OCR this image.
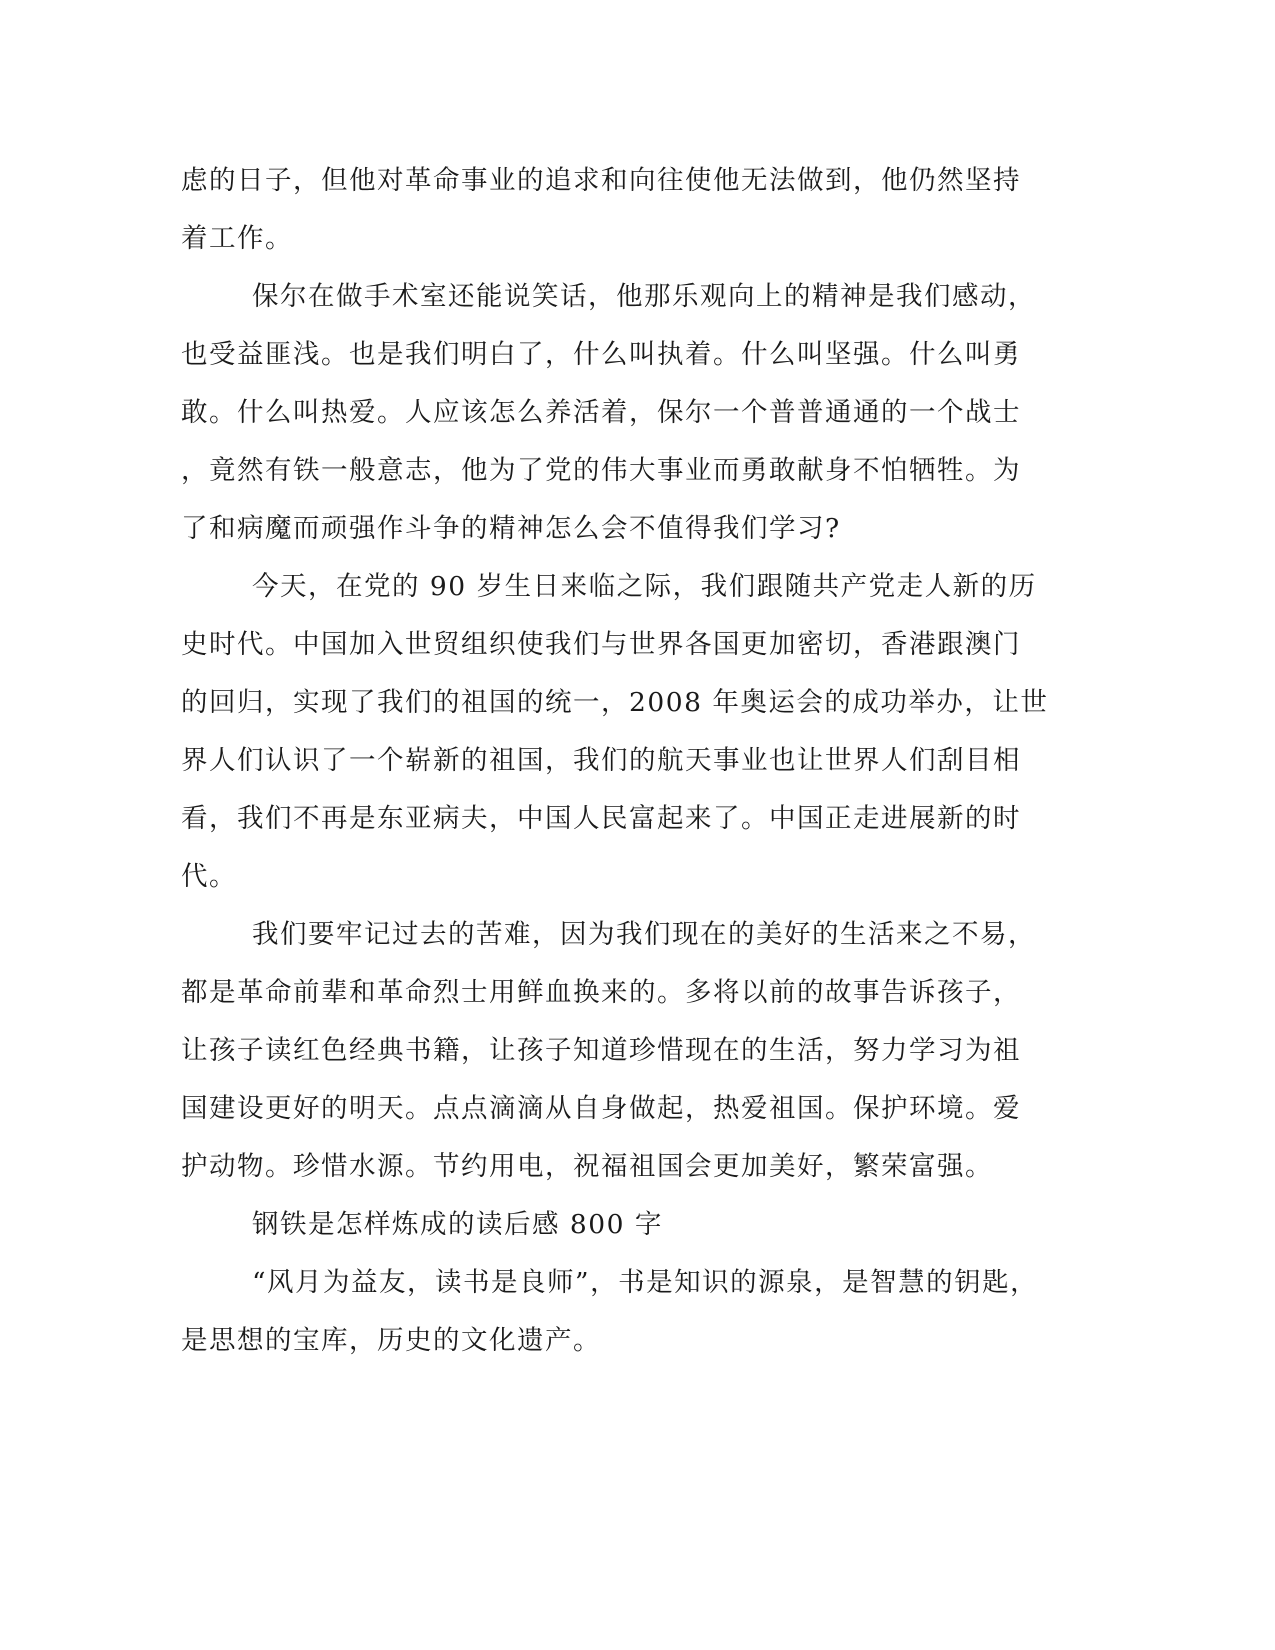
虑的日子，但他对革命事业的追求和向往使他无法做到，他仍然坚持
着工作。
保尔在做手术室还能说笑话，他那乐观向上的精神是我们感动，
也受益匪浅。也是我们明白了，什么叫执着。什么叫坚强。什么叫勇
敢。什么叫热爱。人应该怎么养活着，保尔一个普普通通的一个战士
，竟然有铁一般意志，他为了党的伟大事业而勇敢献身不怕牺牲。为
了和病魔而顽强作斗争的精神怎么会不值得我们学习?
今天，在党的 90 岁生日来临之际，我们跟随共产党走人新的历
史时代。中国加入世贸组织使我们与世界各国更加密切，香港跟澳门
的回归，实现了我们的祖国的统一，2008 年奥运会的成功举办，让世
界人们认识了一个崭新的祖国，我们的航天事业也让世界人们刮目相
看，我们不再是东亚病夫，中国人民富起来了。中国正走进展新的时
代。
我们要牢记过去的苦难，因为我们现在的美好的生活来之不易，
都是革命前辈和革命烈士用鲜血换来的。多将以前的故事告诉孩子，
让孩子读红色经典书籍，让孩子知道珍惜现在的生活，努力学习为祖
国建设更好的明天。点点滴滴从自身做起，热爱祖国。保护环境。爱
护动物。珍惜水源。节约用电，祝福祖国会更加美好，繁荣富强。
钢铁是怎样炼成的读后感 800 字
“风月为益友，读书是良师”，书是知识的源泉，是智慧的钥匙，
是思想的宝库，历史的文化遗产。
